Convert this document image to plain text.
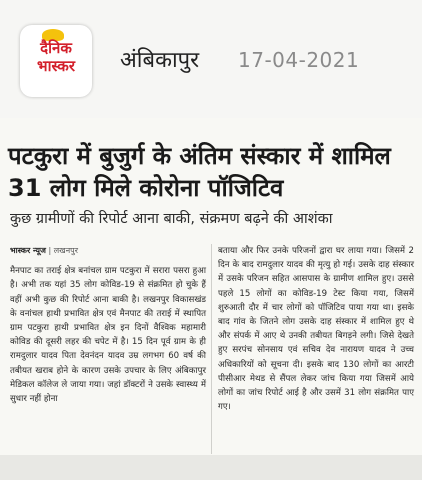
दैनिक
भास्कर	अंबिकापुर 17-04-2021
पटकुरा में बुजुर्ग के अंतिम संस्कार में शामिल 31 लोग मिले कोरोना पॉजिटिव
कुछ ग्रामीणों की रिपोर्ट आना बाकी, संक्रमण बढ़ने की आशंका
भास्कर न्यूज | लखनपुर
मैनपाट का तराई क्षेत्र बनांचल ग्राम पटकुरा में सरारा पसरा हुआ है। अभी तक यहां 35 लोग कोविड-19 से संक्रमित हो चुके हैं वहीं अभी कुछ की रिपोर्ट आना बाकी है। लखनपुर विकासखंड के वनांचल हाथी प्रभावित क्षेत्र एवं मैनपाट की तराई में स्थापित ग्राम पटकुरा हाथी प्रभावित क्षेत्र इन दिनों वैश्विक महामारी कोविड की दूसरी लहर की चपेट में है। 15 दिन पूर्व ग्राम के ही रामदुलार यादव पिता देवनंदन यादव उम्र लगभग 60 वर्ष की तबीयत खराब होने के कारण उसके उपचार के लिए अंबिकापुर मेडिकल कॉलेज ले जाया गया। जहां डॉक्टरों ने उसके स्वास्थ्य में सुधार नहीं होना
बताया और फिर उनके परिजनों द्वारा घर लाया गया। जिसमें 2 दिन के बाद रामदुलार यादव की मृत्यु हो गई। उसके दाह संस्कार में उसके परिजन सहित आसपास के ग्रामीण शामिल हुए। उससे पहले 15 लोगों का कोविड-19 टेस्ट किया गया, जिसमें शुरुआती दौर में चार लोगों को पॉजिटिव पाया गया था। इसके बाद गांव के जितने लोग उसके दाह संस्कार में शामिल हुए थे और संपर्क में आए थे उनकी तबीयत बिगड़ने लगी। जिसे देखते हुए सरपंच सोनसाय एवं सचिव देव नारायण यादव ने उच्च अधिकारियों को सूचना दी। इसके बाद 130 लोगों का आरटी पीसीआर मेथड से सैंपल लेकर जांच किया गया जिसमें आये लोगों का जांच रिपोर्ट आई है और उसमें 31 लोग संक्रमित पाए गए।
